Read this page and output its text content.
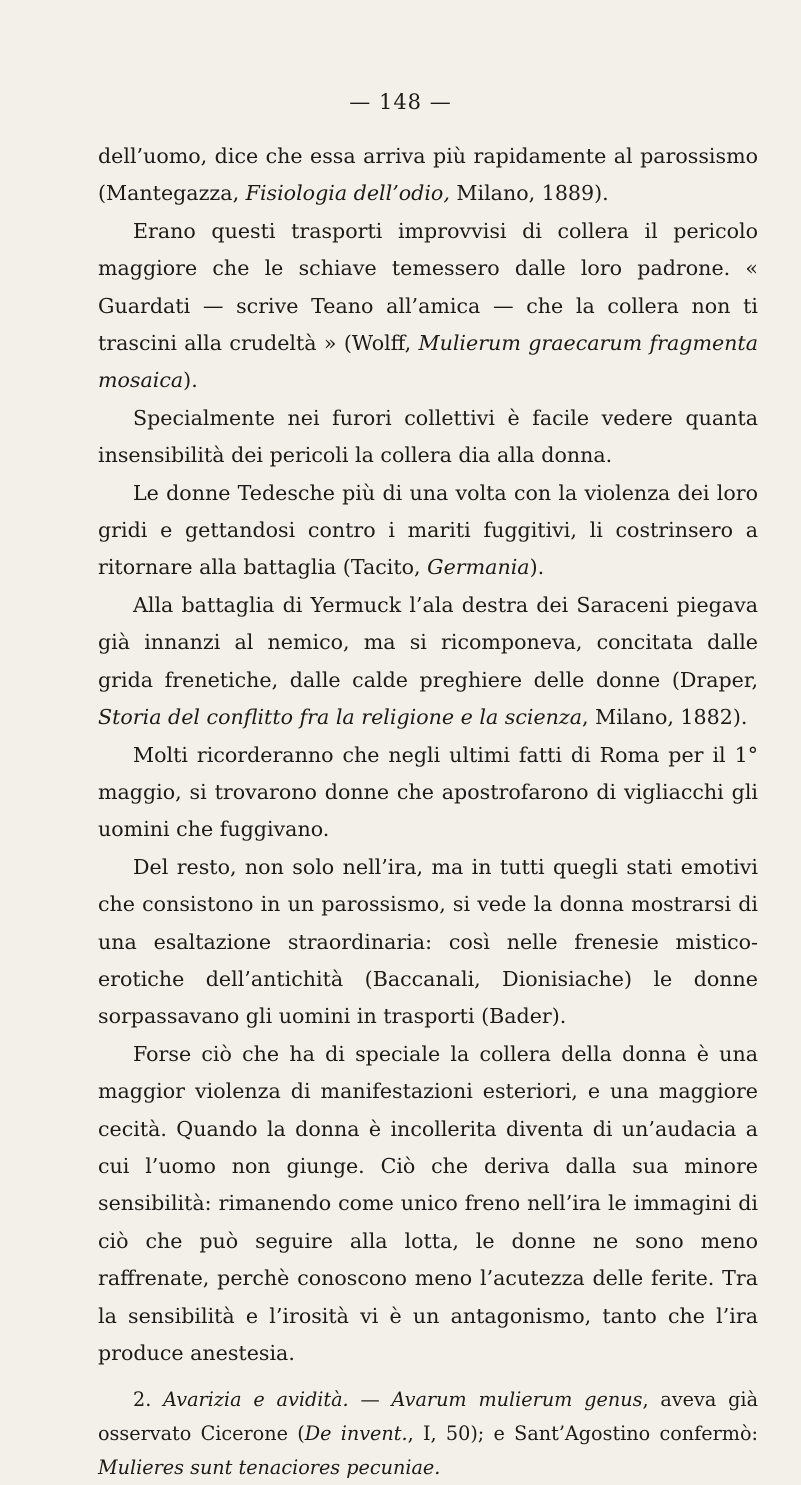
— 148 —

dell’uomo, dice che essa arriva più rapidamente al parossismo (Mantegazza, Fisiologia dell’odio, Milano, 1889).

Erano questi trasporti improvvisi di collera il pericolo maggiore che le schiave temessero dalle loro padrone. « Guardati — scrive Teano all’amica — che la collera non ti trascini alla crudeltà » (Wolff, Mulierum graecarum fragmenta mosaica).

Specialmente nei furori collettivi è facile vedere quanta insensibilità dei pericoli la collera dia alla donna.

Le donne Tedesche più di una volta con la violenza dei loro gridi e gettandosi contro i mariti fuggitivi, li costrinsero a ritornare alla battaglia (Tacito, Germania).

Alla battaglia di Yermuck l’ala destra dei Saraceni piegava già innanzi al nemico, ma si ricomponeva, concitata dalle grida frenetiche, dalle calde preghiere delle donne (Draper, Storia del conflitto fra la religione e la scienza, Milano, 1882).

Molti ricorderanno che negli ultimi fatti di Roma per il 1° maggio, si trovarono donne che apostrofarono di vigliacchi gli uomini che fuggivano.

Del resto, non solo nell’ira, ma in tutti quegli stati emotivi che consistono in un parossismo, si vede la donna mostrarsi di una esaltazione straordinaria: così nelle frenesie mistico-erotiche dell’antichità (Baccanali, Dionisiache) le donne sorpassavano gli uomini in trasporti (Bader).

Forse ciò che ha di speciale la collera della donna è una maggior violenza di manifestazioni esteriori, e una maggiore cecità. Quando la donna è incollerita diventa di un’audacia a cui l’uomo non giunge. Ciò che deriva dalla sua minore sensibilità: rimanendo come unico freno nell’ira le immagini di ciò che può seguire alla lotta, le donne ne sono meno raffrenate, perchè conoscono meno l’acutezza delle ferite. Tra la sensibilità e l’irosità vi è un antagonismo, tanto che l’ira produce anestesia.

2. Avarizia e avidità. — Avarum mulierum genus, aveva già osservato Cicerone (De invent., I, 50); e Sant’Agostino confermò: Mulieres sunt tenaciores pecuniae.
